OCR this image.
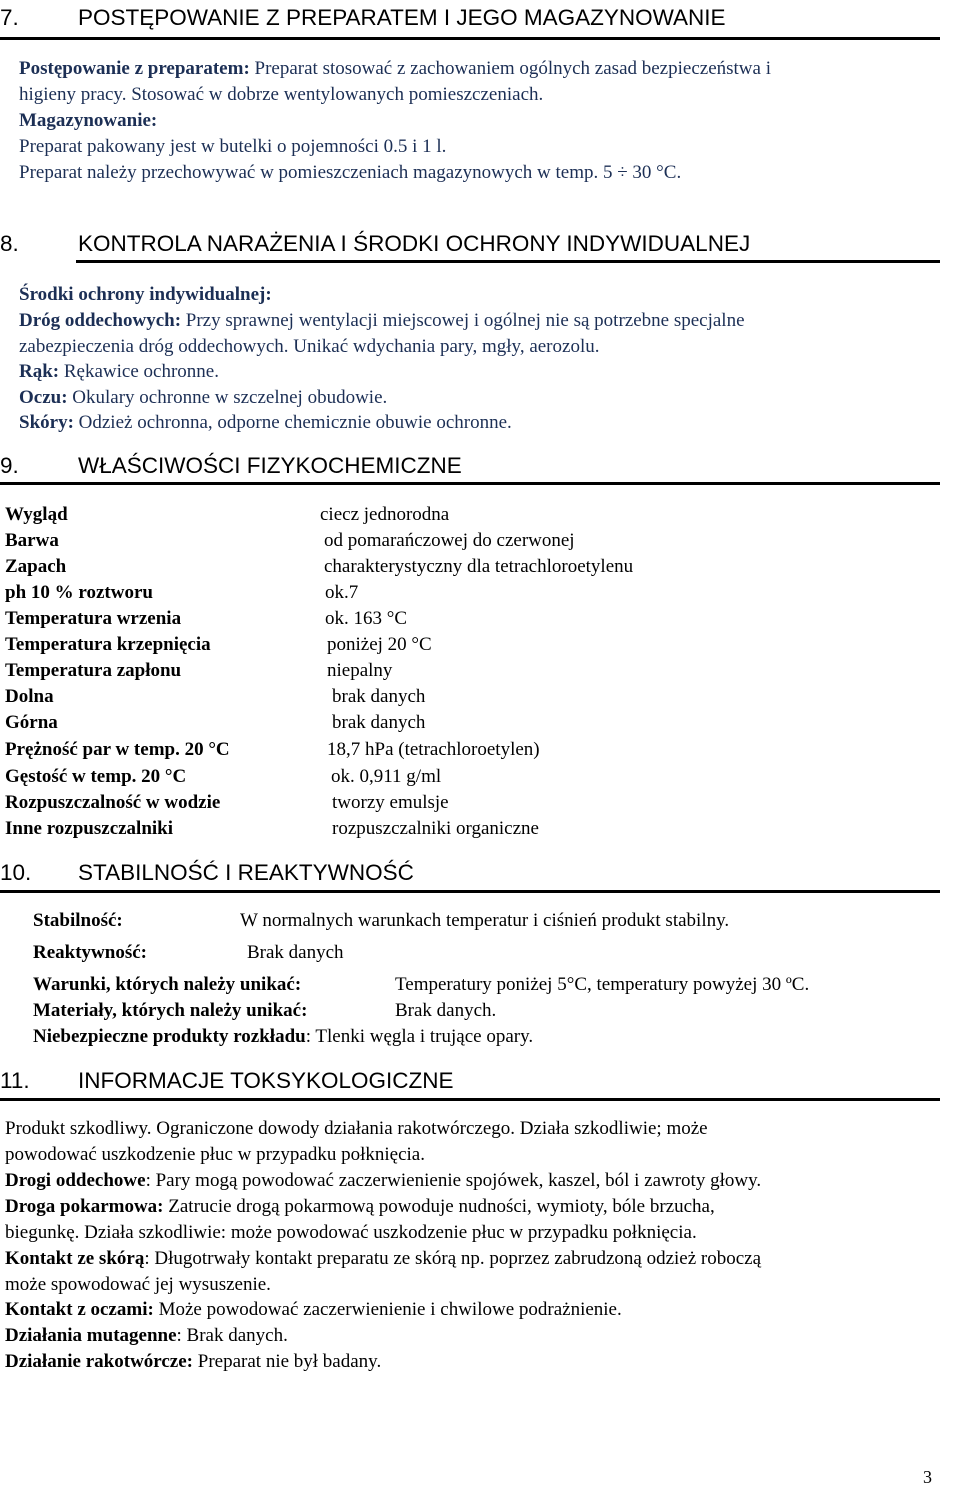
7.	POSTĘPOWANIE Z PREPARATEM I JEGO MAGAZYNOWANIE
Postępowanie z preparatem: Preparat stosować z zachowaniem ogólnych zasad bezpieczeństwa i
higieny pracy. Stosować w dobrze wentylowanych pomieszczeniach.
Magazynowanie:
Preparat pakowany jest w butelki o pojemności 0.5 i 1 l.
Preparat należy przechowywać w pomieszczeniach magazynowych w temp. 5 ÷ 30 °C.
8.	KONTROLA NARAŻENIA I ŚRODKI OCHRONY INDYWIDUALNEJ
Środki ochrony indywidualnej:
Dróg oddechowych: Przy sprawnej wentylacji miejscowej i ogólnej nie są potrzebne specjalne
zabezpieczenia dróg oddechowych. Unikać wdychania pary, mgły, aerozolu.
Rąk: Rękawice ochronne.
Oczu: Okulary ochronne w szczelnej obudowie.
Skóry: Odzież ochronna, odporne chemicznie obuwie ochronne.
9.	WŁAŚCIWOŚCI FIZYKOCHEMICZNE
Wygląd	ciecz jednorodna
Barwa	od pomarańczowej do czerwonej
Zapach	charakterystyczny dla tetrachloroetylenu
ph 10 % roztworu	ok.7
Temperatura wrzenia	ok. 163 °C
Temperatura krzepnięcia	poniżej 20 °C
Temperatura zapłonu	niepalny
Dolna	brak danych
Górna	brak danych
Prężność par w temp. 20 °C	18,7 hPa (tetrachloroetylen)
Gęstość w temp. 20 °C	ok. 0,911 g/ml
Rozpuszczalność w wodzie	tworzy emulsje
Inne rozpuszczalniki	rozpuszczalniki organiczne
10. STABILNOŚĆ I REAKTYWNOŚĆ
Stabilność:	W normalnych warunkach temperatur i ciśnień produkt stabilny.
Reaktywność:	Brak danych
Warunki, których należy unikać:	Temperatury poniżej 5°C, temperatury powyżej 30 ºC.
Materiały, których należy unikać:	Brak danych.
Niebezpieczne produkty rozkładu: Tlenki węgla i trujące opary.
11. INFORMACJE TOKSYKOLOGICZNE
Produkt szkodliwy. Ograniczone dowody działania rakotwórczego. Działa szkodliwie; może
powodować uszkodzenie płuc w przypadku połknięcia.
Drogi oddechowe: Pary mogą powodować zaczerwienienie spojówek, kaszel, ból i zawroty głowy.
Droga pokarmowa: Zatrucie drogą pokarmową powoduje nudności, wymioty, bóle brzucha,
biegunkę. Działa szkodliwie: może powodować uszkodzenie płuc w przypadku połknięcia.
Kontakt ze skórą: Długotrwały kontakt preparatu ze skórą np. poprzez zabrudzoną odzież roboczą
może spowodować jej wysuszenie.
Kontakt z oczami: Może powodować zaczerwienienie i chwilowe podrażnienie.
Działania mutagenne: Brak danych.
Działanie rakotwórcze: Preparat nie był badany.
3
